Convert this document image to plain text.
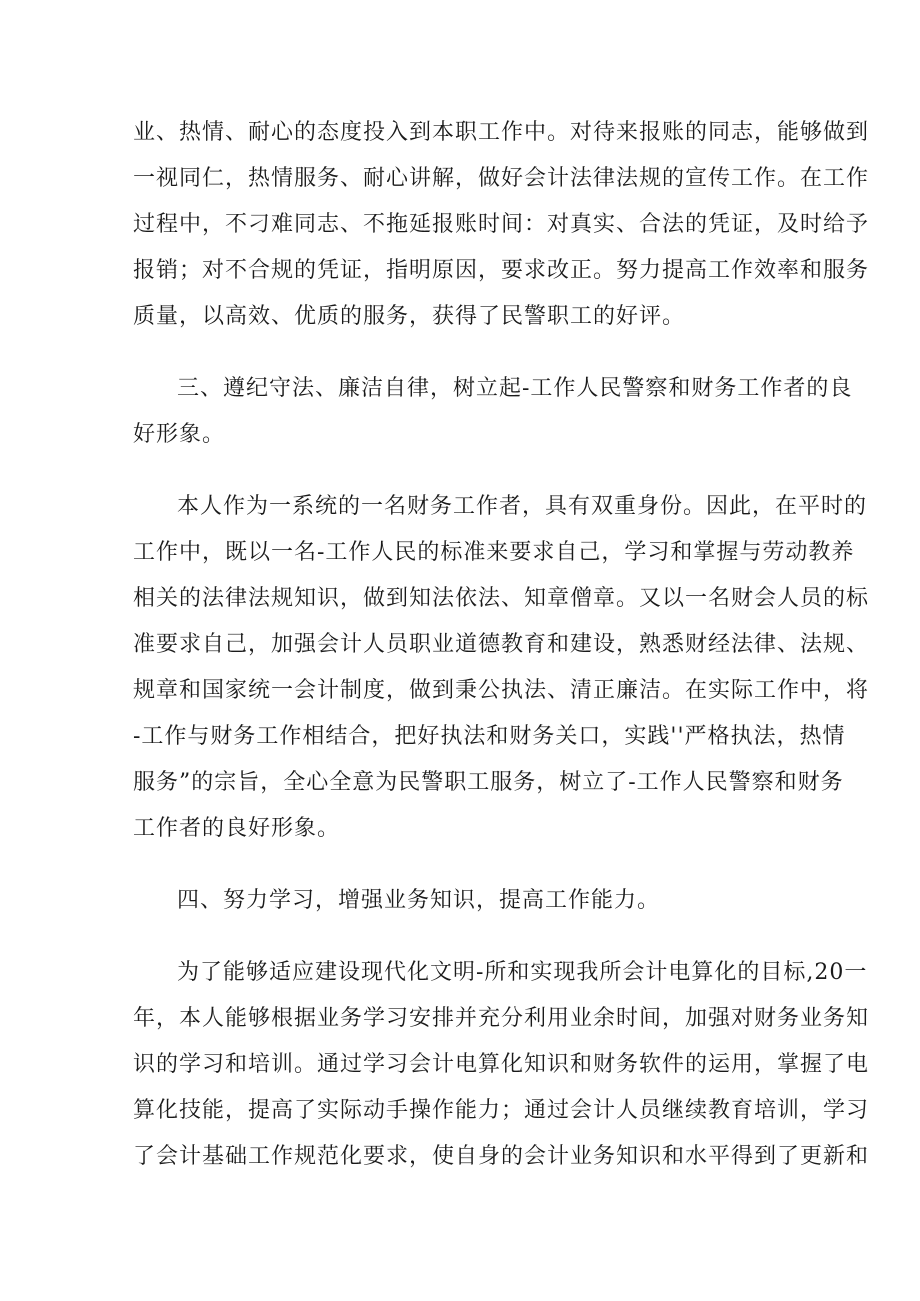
业、热情、耐心的态度投入到本职工作中。对待来报账的同志，能够做到
一视同仁，热情服务、耐心讲解，做好会计法律法规的宣传工作。在工作
过程中，不刁难同志、不拖延报账时间：对真实、合法的凭证，及时给予
报销；对不合规的凭证，指明原因，要求改正。努力提高工作效率和服务
质量，以高效、优质的服务，获得了民警职工的好评。
三、遵纪守法、廉洁自律，树立起-工作人民警察和财务工作者的良
好形象。
本人作为一系统的一名财务工作者，具有双重身份。因此，在平时的
工作中，既以一名-工作人民的标准来要求自己，学习和掌握与劳动教养
相关的法律法规知识，做到知法依法、知章僧章。又以一名财会人员的标
准要求自己，加强会计人员职业道德教育和建设，熟悉财经法律、法规、
规章和国家统一会计制度，做到秉公执法、清正廉洁。在实际工作中，将
-工作与财务工作相结合，把好执法和财务关口，实践''严格执法，热情
服务”的宗旨，全心全意为民警职工服务，树立了-工作人民警察和财务
工作者的良好形象。
四、努力学习，增强业务知识，提高工作能力。
为了能够适应建设现代化文明-所和实现我所会计电算化的目标,20一
年，本人能够根据业务学习安排并充分利用业余时间，加强对财务业务知
识的学习和培训。通过学习会计电算化知识和财务软件的运用，掌握了电
算化技能，提高了实际动手操作能力；通过会计人员继续教育培训，学习
了会计基础工作规范化要求，使自身的会计业务知识和水平得到了更新和
